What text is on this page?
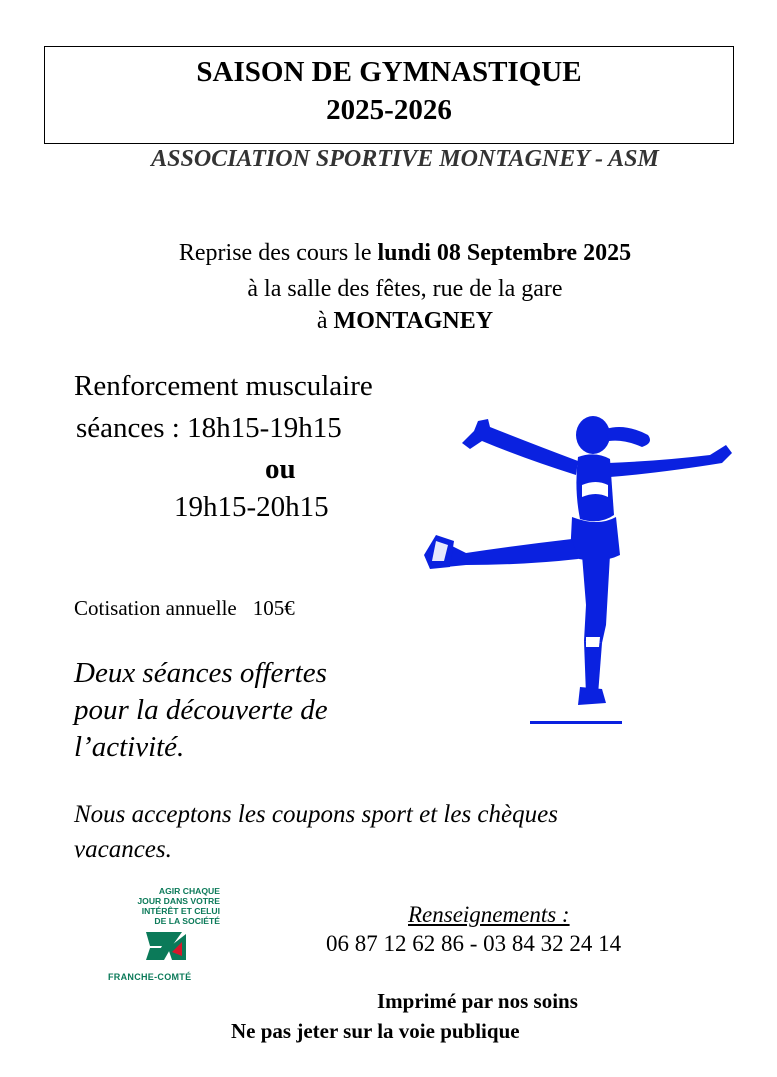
SAISON DE GYMNASTIQUE
2025-2026
ASSOCIATION SPORTIVE MONTAGNEY - ASM
Reprise des cours le lundi 08 Septembre 2025
à la salle des fêtes, rue de la gare
à MONTAGNEY
Renforcement musculaire
séances : 18h15-19h15
ou
19h15-20h15
Cotisation annuelle 105€
Deux séances offertes
pour la découverte de
l’activité.
Nous acceptons les coupons sport et les chèques
vacances.
AGIR CHAQUE
JOUR DANS VOTRE
INTÉRÊT ET CELUI
DE LA SOCIÉTÉ
FRANCHE-COMTÉ
Renseignements :
06 87 12 62 86 - 03 84 32 24 14
Imprimé par nos soins
Ne pas jeter sur la voie publique
